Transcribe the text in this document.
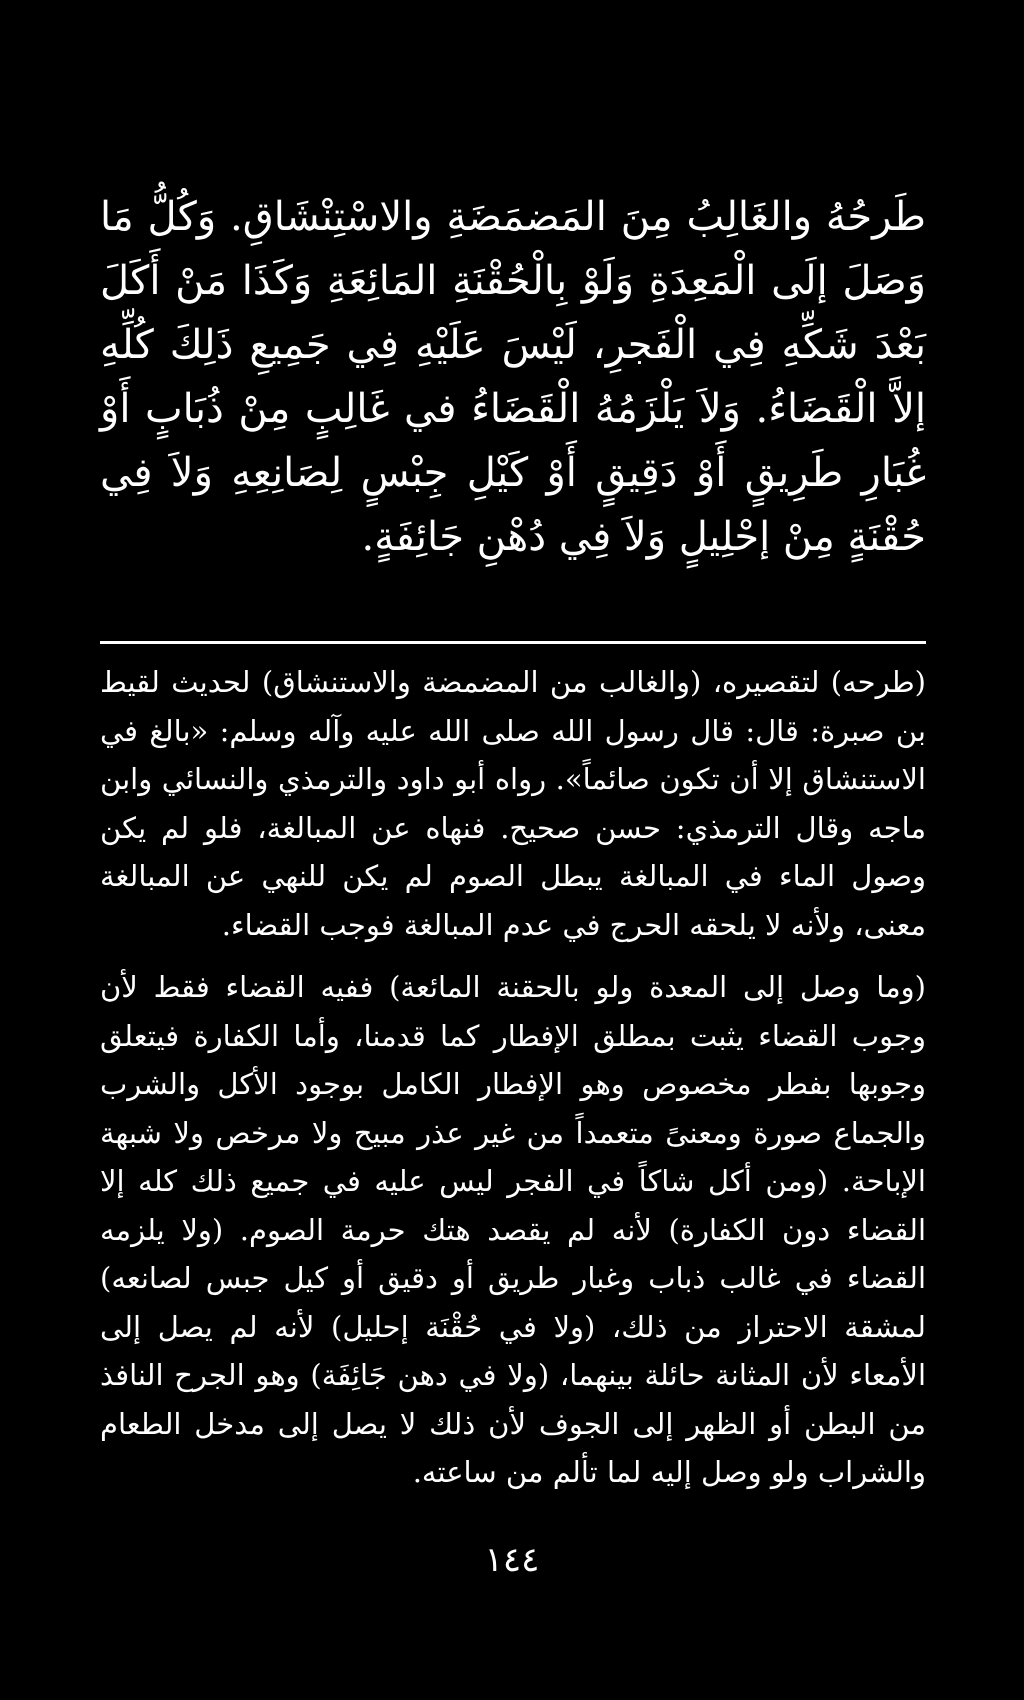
طَرحُهُ والغَالِبُ مِنَ المَضمَضَةِ والاسْتِنْشَاقِ. وَكُلُّ مَا وَصَلَ إلَى الْمَعِدَةِ وَلَوْ بِالْحُقْنَةِ المَائِعَةِ وَكَذَا مَنْ أَكَلَ بَعْدَ شَكِّهِ فِي الْفَجرِ، لَيْسَ عَلَيْهِ فِي جَمِيعِ ذَلِكَ كُلِّهِ إلاَّ الْقَضَاءُ. وَلاَ يَلْزَمُهُ الْقَضَاءُ في غَالِبٍ مِنْ ذُبَابٍ أَوْ غُبَارِ طَرِيقٍ أَوْ دَقِيقٍ أَوْ كَيْلِ جِبْسٍ لِصَانِعِهِ وَلاَ فِي حُقْنَةٍ مِنْ إحْلِيلٍ وَلاَ فِي دُهْنِ جَائِفَةٍ.

(طرحه) لتقصيره، (والغالب من المضمضة والاستنشاق) لحديث لقيط بن صبرة: قال: قال رسول الله صلى الله عليه وآله وسلم: «بالغ في الاستنشاق إلا أن تكون صائماً». رواه أبو داود والترمذي والنسائي وابن ماجه وقال الترمذي: حسن صحيح. فنهاه عن المبالغة، فلو لم يكن وصول الماء في المبالغة يبطل الصوم لم يكن للنهي عن المبالغة معنى، ولأنه لا يلحقه الحرج في عدم المبالغة فوجب القضاء.

(وما وصل إلى المعدة ولو بالحقنة المائعة) ففيه القضاء فقط لأن وجوب القضاء يثبت بمطلق الإفطار كما قدمنا، وأما الكفارة فيتعلق وجوبها بفطر مخصوص وهو الإفطار الكامل بوجود الأكل والشرب والجماع صورة ومعنىً متعمداً من غير عذر مبيح ولا مرخص ولا شبهة الإباحة. (ومن أكل شاكاً في الفجر ليس عليه في جميع ذلك كله إلا القضاء دون الكفارة) لأنه لم يقصد هتك حرمة الصوم. (ولا يلزمه القضاء في غالب ذباب وغبار طريق أو دقيق أو كيل جبس لصانعه) لمشقة الاحتراز من ذلك، (ولا في حُقْنَة إحليل) لأنه لم يصل إلى الأمعاء لأن المثانة حائلة بينهما، (ولا في دهن جَائِفَة) وهو الجرح النافذ من البطن أو الظهر إلى الجوف لأن ذلك لا يصل إلى مدخل الطعام والشراب ولو وصل إليه لما تألم من ساعته.

١٤٤
